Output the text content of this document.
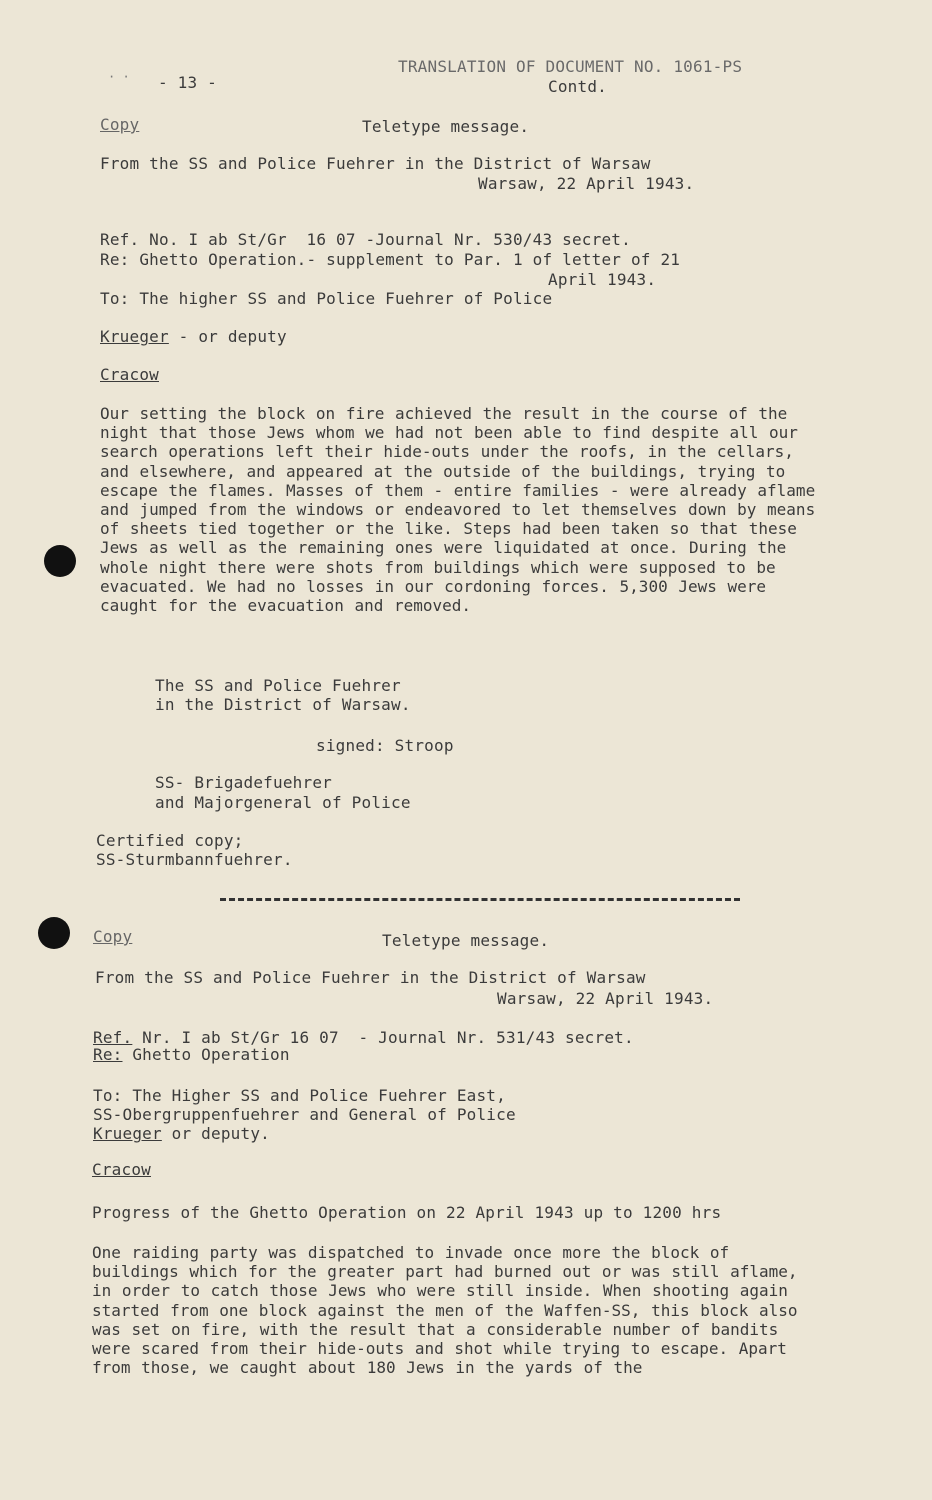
· · - 13 -
TRANSLATION OF DOCUMENT NO. 1061-PS
Contd.
Copy	Teletype message.
From the SS and Police Fuehrer in the District of Warsaw
Warsaw, 22 April 1943.
Ref. No. I ab St/Gr  16 07 -Journal Nr. 530/43 secret.
Re: Ghetto Operation.- supplement to Par. 1 of letter of 21
April 1943.
To: The higher SS and Police Fuehrer of Police
Krueger - or deputy
Cracow
Our setting the block on fire achieved the result in the course of the night that those Jews whom we had not been able to find despite all our search operations left their hide-outs under the roofs, in the cellars, and elsewhere, and appeared at the outside of the buildings, trying to escape the flames. Masses of them - entire families - were already aflame and jumped from the windows or endeavored to let themselves down by means of sheets tied together or the like. Steps had been taken so that these Jews as well as the remaining ones were liquidated at once. During the whole night there were shots from buildings which were supposed to be evacuated. We had no losses in our cordoning forces. 5,300 Jews were caught for the evacuation and removed.
The SS and Police Fuehrer
in the District of Warsaw.
signed: Stroop
SS- Brigadefuehrer
and Majorgeneral of Police
Certified copy;
SS-Sturmbannfuehrer.
Copy	Teletype message.
From the SS and Police Fuehrer in the District of Warsaw
Warsaw, 22 April 1943.
Ref. Nr. I ab St/Gr 16 07  - Journal Nr. 531/43 secret.
Re: Ghetto Operation
To: The Higher SS and Police Fuehrer East,
SS-Obergruppenfuehrer and General of Police
Krueger or deputy.
Cracow
Progress of the Ghetto Operation on 22 April 1943 up to 1200 hrs
One raiding party was dispatched to invade once more the block of buildings which for the greater part had burned out or was still aflame, in order to catch those Jews who were still inside. When shooting again started from one block against the men of the Waffen-SS, this block also was set on fire, with the result that a considerable number of bandits were scared from their hide-outs and shot while trying to escape. Apart from those, we caught about 180 Jews in the yards of the
